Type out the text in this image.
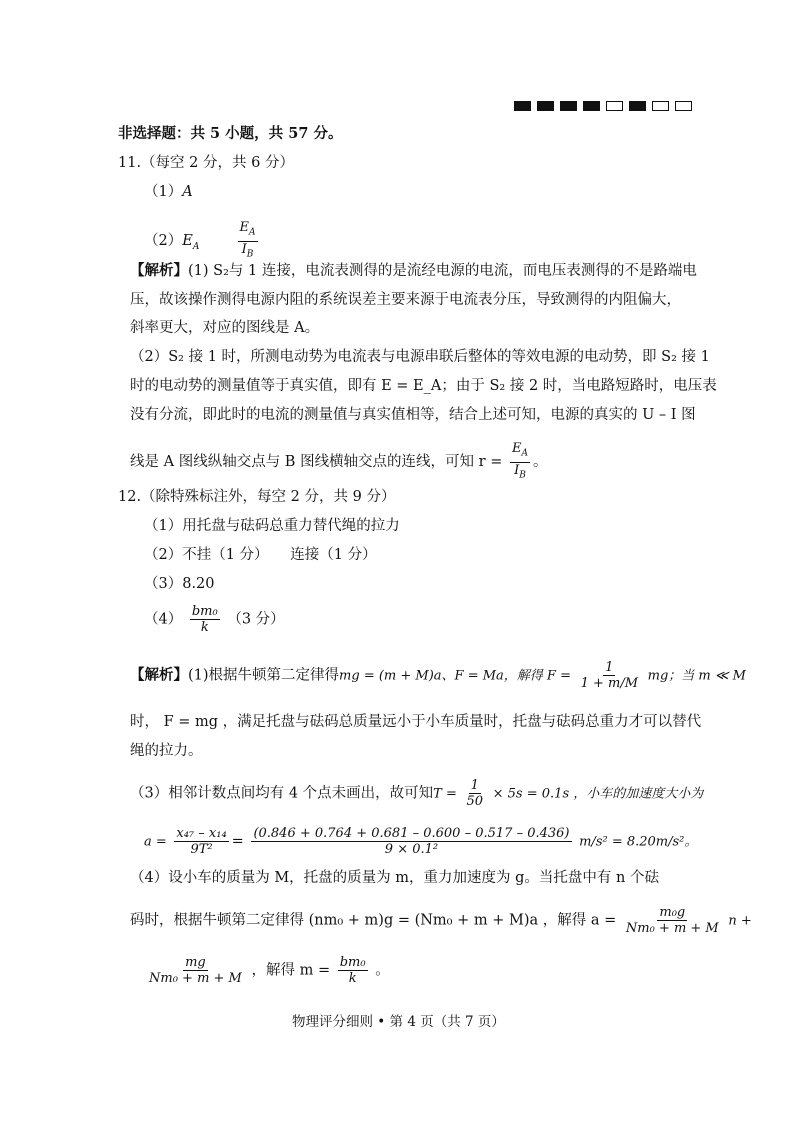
非选择题：共 5 小题，共 57 分。
11.（每空 2 分，共 6 分）
（1）A
$(2)E_A$	$\frac{E_A}{I_B}$
【解析】(1) S₂与 1 连接，电流表测得的是流经电源的电流，而电压表测得的不是路端电
压，故该操作测得电源内阻的系统误差主要来源于电流表分压，导致测得的内阻偏大，
斜率更大，对应的图线是 A。
（2）S₂ 接 1 时，所测电动势为电流表与电源串联后整体的等效电源的电动势，即 S₂ 接 1
时的电动势的测量值等于真实值，即有 E = E_A；由于 S₂ 接 2 时，当电路短路时，电压表
没有分流，即此时的电流的测量值与真实值相等，结合上述可知，电源的真实的 U – I 图
线是 A 图线纵轴交点与 B 图线横轴交点的连线，可知 $r = \frac{E_A}{I_B}$ 。
12.（除特殊标注外，每空 2 分，共 9 分）
（1）用托盘与砝码总重力替代绳的拉力
（2）不挂（1 分）　　连接（1 分）
（3）8.20
$(4) \frac{\text{bm₀}}{k} (3$ 分）
【解析】(1)根据牛顿第二定律得mg = (m + M)a、F = Ma，解得 $F = \frac{1}{1 + m/M}$ mg；当 m ≪ M
时， F = mg ，满足托盘与砝码总质量远小于小车质量时，托盘与砝码总重力才可以替代
绳的拉力。
（3）相邻计数点间均有 4 个点未画出，故可知$T = \frac{1}{50} \times 5s = 0.1s$ ，小车的加速度大小为
$a = \frac{\text{x₄₇ – x₁₄}}{\text{9T²}} = \frac{(0.846 + 0.764 + 0.681 - 0.600 - 0.517 - 0.436)}{\text{9 × 0.1²}} m/s^2 = 8.20m/s^2$。
（4）设小车的质量为 M，托盘的质量为 m，重力加速度为 g。当托盘中有 n 个砝
码时，根据牛顿第二定律得 (nm₀ + m)g = (Nm₀ + m + M)a ，解得 $a = \frac{\text{m₀g}}{\text{Nm₀ + m + M}}$ n +
$\frac{mg}{\text{Nm₀ + m + M}}$ ，解得 $m = \frac{\text{bm₀}}{k}$ 。
物理评分细则 • 第 4 页（共 7 页）
